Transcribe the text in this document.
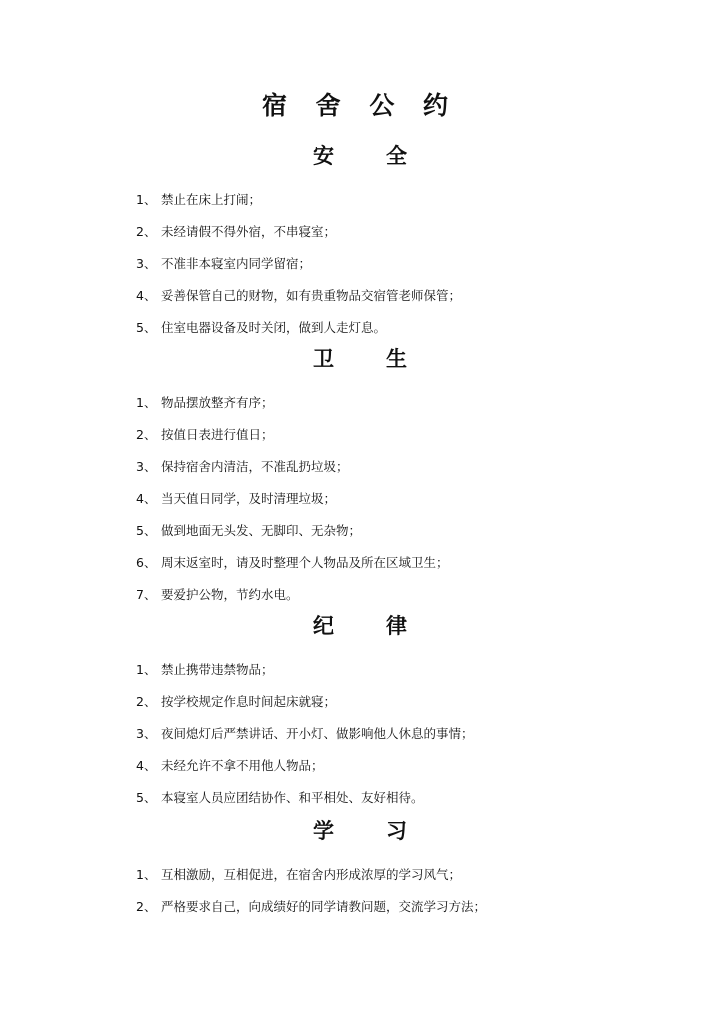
宿 舍 公 约
安 全
1、 禁止在床上打闹；
2、 未经请假不得外宿，不串寝室；
3、 不准非本寝室内同学留宿；
4、 妥善保管自己的财物，如有贵重物品交宿管老师保管；
5、 住室电器设备及时关闭，做到人走灯息。
卫 生
1、 物品摆放整齐有序；
2、 按值日表进行值日；
3、 保持宿舍内清洁，不准乱扔垃圾；
4、 当天值日同学，及时清理垃圾；
5、 做到地面无头发、无脚印、无杂物；
6、 周末返室时，请及时整理个人物品及所在区域卫生；
7、 要爱护公物，节约水电。
纪 律
1、 禁止携带违禁物品；
2、 按学校规定作息时间起床就寝；
3、 夜间熄灯后严禁讲话、开小灯、做影响他人休息的事情；
4、 未经允许不拿不用他人物品；
5、 本寝室人员应团结协作、和平相处、友好相待。
学 习
1、 互相激励，互相促进，在宿舍内形成浓厚的学习风气；
2、 严格要求自己，向成绩好的同学请教问题，交流学习方法；
